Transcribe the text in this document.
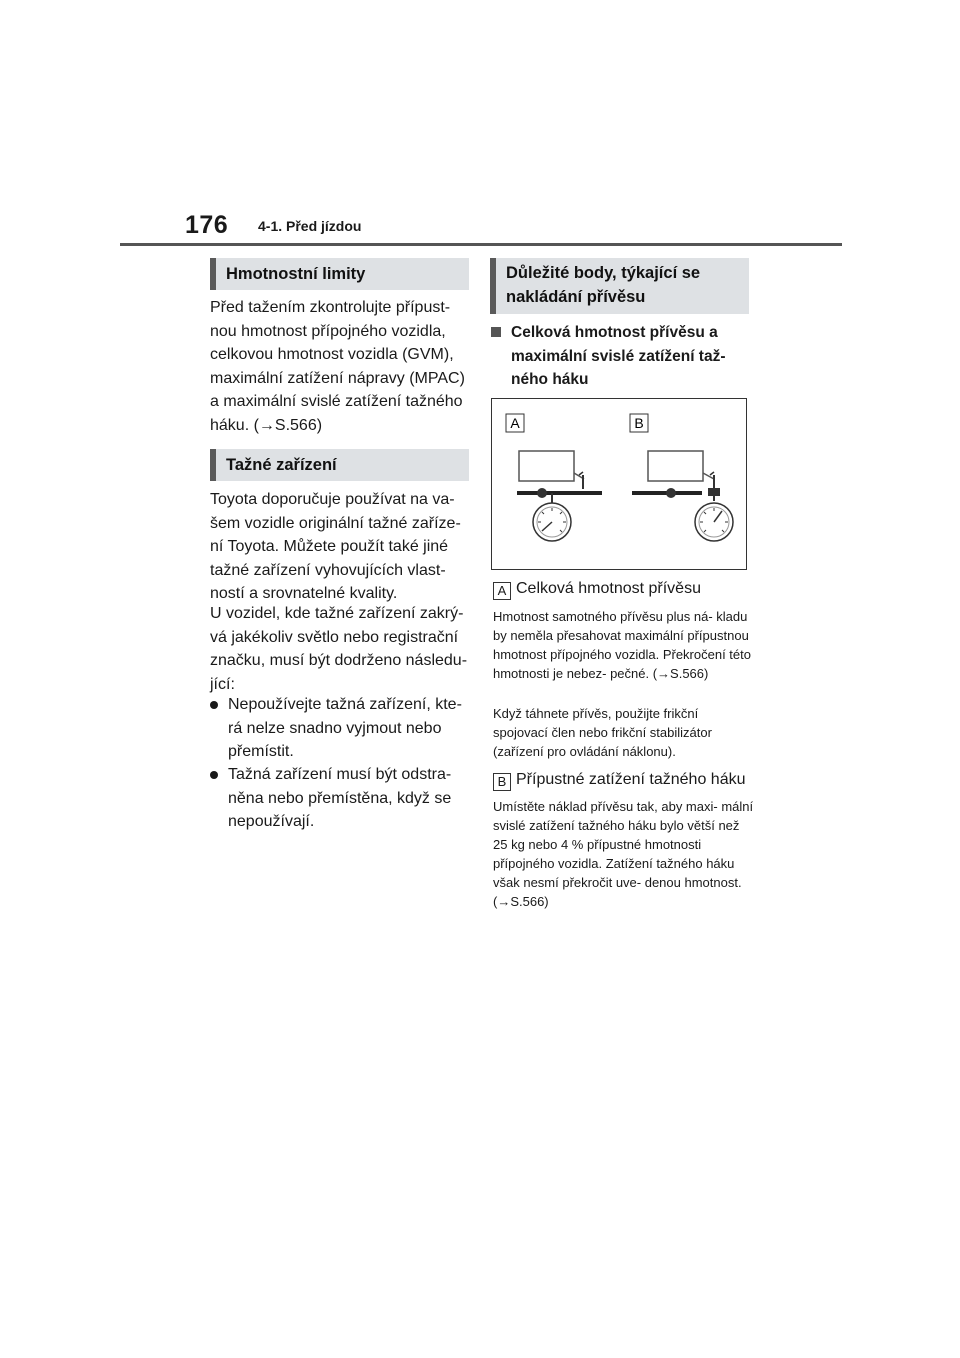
176 4-1. Před jízdou
Hmotnostní limity
Před tažením zkontrolujte přípust- nou hmotnost přípojného vozidla, celkovou hmotnost vozidla (GVM), maximální zatížení nápravy (MPAC) a maximální svislé zatížení tažného háku. (→S.566)
Tažné zařízení
Toyota doporučuje používat na va- šem vozidle originální tažné zaříze- ní Toyota. Můžete použít také jiné tažné zařízení vyhovujících vlast- ností a srovnatelné kvality.
U vozidel, kde tažné zařízení zakrý- vá jakékoliv světlo nebo registrační značku, musí být dodrženo následu- jící:
Nepoužívejte tažná zařízení, kte- rá nelze snadno vyjmout nebo přemístit.
Tažná zařízení musí být odstra- něna nebo přemístěna, když se nepoužívají.
Důležité body, týkající se nakládání přívěsu
Celková hmotnost přívěsu a maximální svislé zatížení taž- ného háku
A	B
A Celková hmotnost přívěsu
Hmotnost samotného přívěsu plus ná- kladu by neměla přesahovat maximální přípustnou hmotnost přípojného vozidla. Překročení této hmotnosti je nebez- pečné. (→S.566)
Když táhnete přívěs, použijte frikční spojovací člen nebo frikční stabilizátor (zařízení pro ovládání náklonu).
B Přípustné zatížení tažného háku
Umístěte náklad přívěsu tak, aby maxi- mální svislé zatížení tažného háku bylo větší než 25 kg nebo 4 % přípustné hmotnosti přípojného vozidla. Zatížení tažného háku však nesmí překročit uve- denou hmotnost. (→S.566)
